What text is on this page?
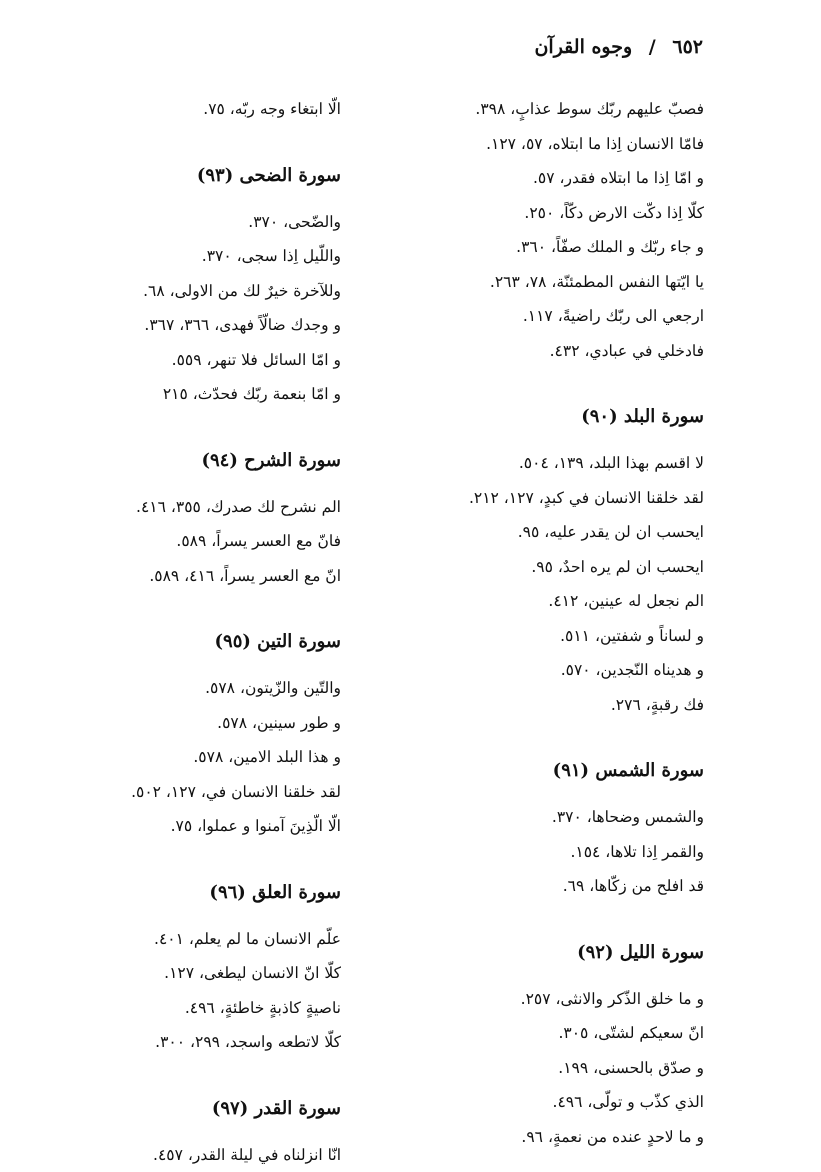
٦٥٢ / وجوه القرآن
فصبّ عليهم ربّك سوط عذابٍ، ٣٩٨.
فامّا الانسان اِذا ما ابتلاه، ٥٧، ١٢٧.
و امّا اِذا ما ابتلاه فقدر، ٥٧.
كلّا اِذا دكّت الارض دكّاً، ٢٥٠.
و جاء ربّك و الملك صفّاً، ٣٦٠.
يا ايّتها النفس المطمئنّة، ٧٨، ٢٦٣.
ارجعي الى ربّك راضيةً، ١١٧.
فادخلي في عبادي، ٤٣٢.
سورة البلد (٩٠)
لا اقسم بهذا البلد، ١٣٩، ٥٠٤.
لقد خلقنا الانسان في كبدٍ، ١٢٧، ٢١٢.
ايحسب ان لن يقدر عليه، ٩٥.
ايحسب ان لم يره احدٌ، ٩٥.
الم نجعل له عينين، ٤١٢.
و لساناً و شفتين، ٥١١.
و هديناه النّجدين، ٥٧٠.
فك رقبةٍ، ٢٧٦.
سورة الشمس (٩١)
والشمس وضحاها، ٣٧٠.
والقمر اِذا تلاها، ١٥٤.
قد افلح من زكّاها، ٦٩.
سورة الليل (٩٢)
و ما خلق الذّكر والانثى، ٢٥٧.
انّ سعيكم لشتّى، ٣٠٥.
و صدّق بالحسنى، ١٩٩.
الذي كذّب و تولّى، ٤٩٦.
و ما لاحدٍ عنده من نعمةٍ، ٩٦.
الّا ابتغاء وجه ربّه، ٧٥.
سورة الضحى (٩٣)
والضّحى، ٣٧٠.
واللّيل اِذا سجى، ٣٧٠.
وللآخرة خيرٌ لك من الاولى، ٦٨.
و وجدك ضالّاً فهدى، ٣٦٦، ٣٦٧.
و امّا السائل فلا تنهر، ٥٥٩.
و امّا بنعمة ربّك فحدّث، ٢١٥
سورة الشرح (٩٤)
الم نشرح لك صدرك، ٣٥٥، ٤١٦.
فانّ مع العسر يسراً، ٥٨٩.
انّ مع العسر يسراً، ٤١٦، ٥٨٩.
سورة التين (٩٥)
والتّين والزّيتون، ٥٧٨.
و طور سينين، ٥٧٨.
و هذا البلد الامين، ٥٧٨.
لقد خلقنا الانسان في، ١٢٧، ٥٠٢.
الّا الّذِينَ آمنوا و عملوا، ٧٥.
سورة العلق (٩٦)
علّم الانسان ما لم يعلم، ٤٠١.
كلّا انّ الانسان ليطغى، ١٢٧.
ناصيةٍ كاذبةٍ خاطئةٍ، ٤٩٦.
كلّا لاتطعه واسجد، ٢٩٩، ٣٠٠.
سورة القدر (٩٧)
انّا انزلناه في ليلة القدر، ٤٥٧.
